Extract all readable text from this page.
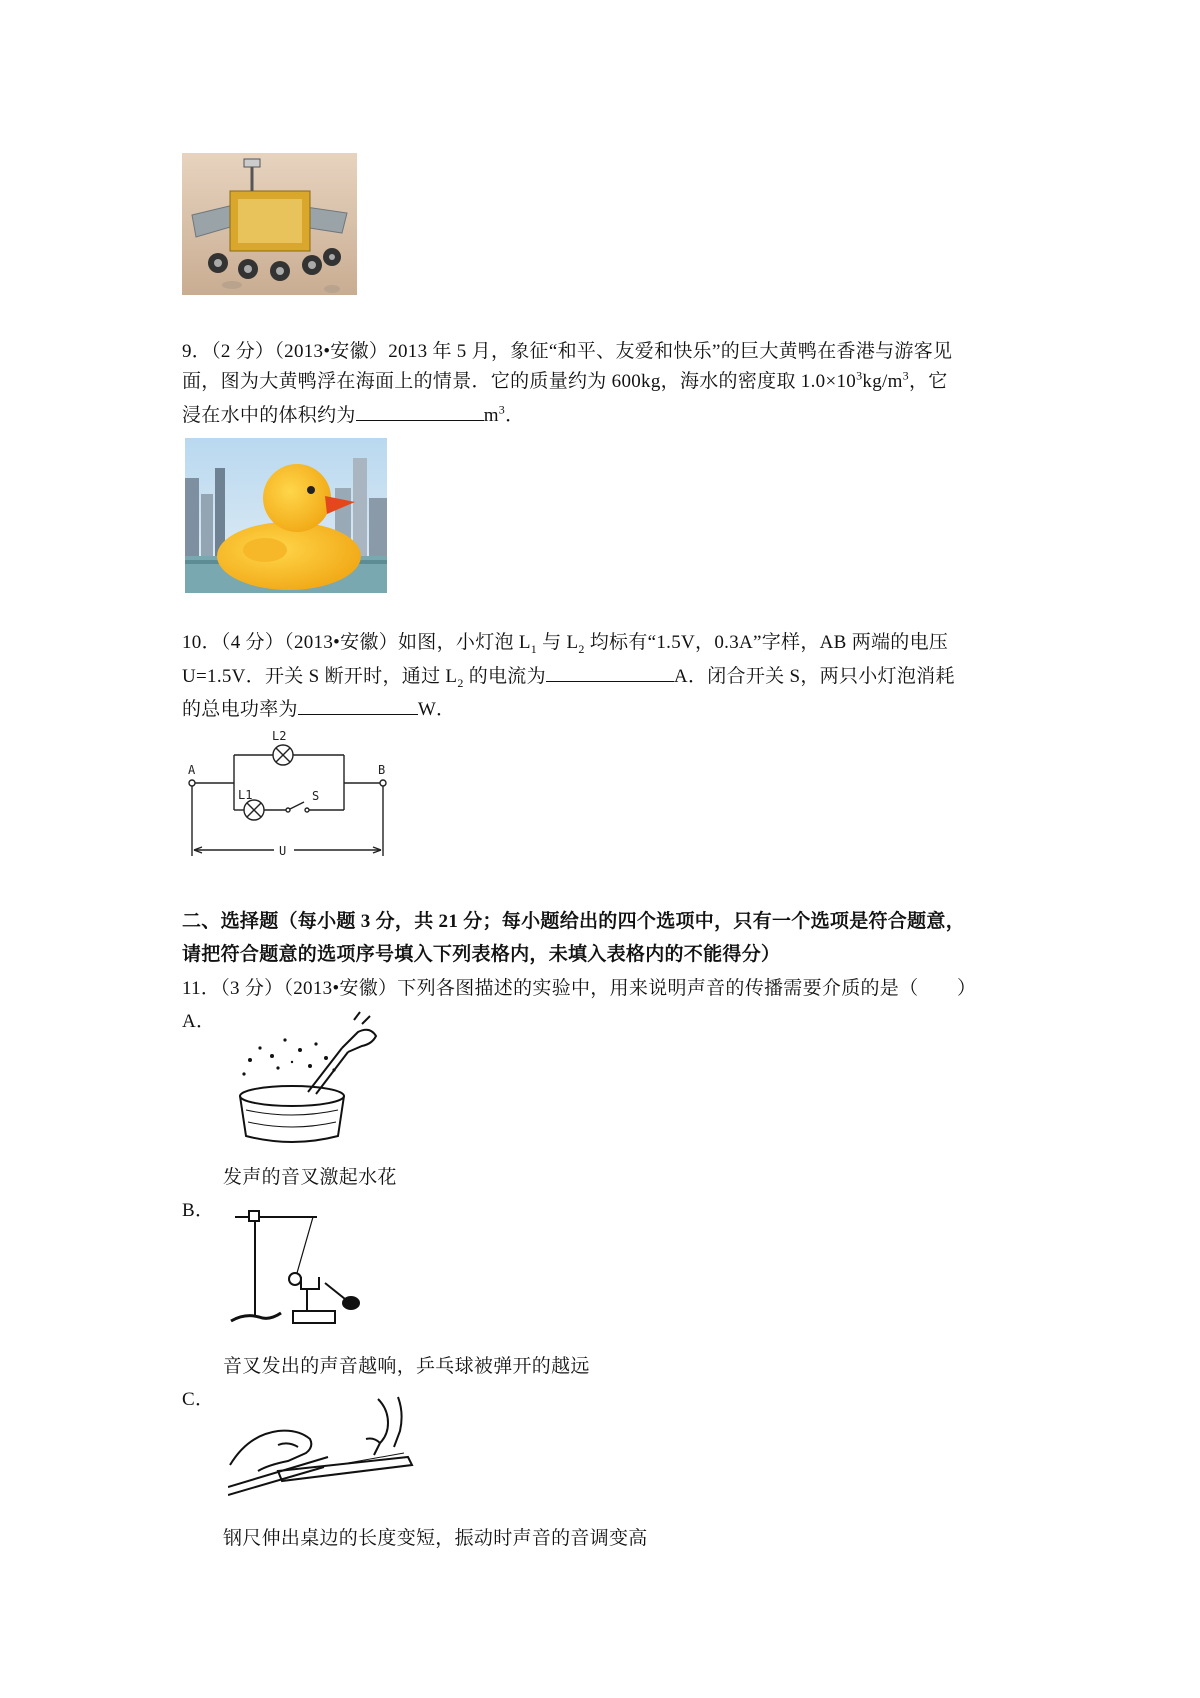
9．（2 分）（2013•安徽）2013 年 5 月，象征“和平、友爱和快乐”的巨大黄鸭在香港与游客见
面，图为大黄鸭浮在海面上的情景．它的质量约为 600kg，海水的密度取 $1.0\times 10^3kg/m^3$，它
浸在水中的体积约为	$m^3$．
10．（4 分）（2013•安徽）如图，小灯泡 $L_1$ 与 $L_2$ 均标有“1.5V，0.3A”字样，AB 两端的电压
U=1.5V．开关 S 断开时，通过 $L_2$ 的电流为	A．闭合开关 S，两只小灯泡消耗
的总电功率为	W．
A	B
L2
L1	S
U
二、选择题（每小题 3 分，共 21 分；每小题给出的四个选项中，只有一个选项是符合题意，
请把符合题意的选项序号填入下列表格内，未填入表格内的不能得分）
11．（3 分）（2013•安徽）下列各图描述的实验中，用来说明声音的传播需要介质的是（　　）
A．
发声的音叉激起水花
B．
音叉发出的声音越响，乒乓球被弹开的越远
C．
钢尺伸出桌边的长度变短，振动时声音的音调变高
